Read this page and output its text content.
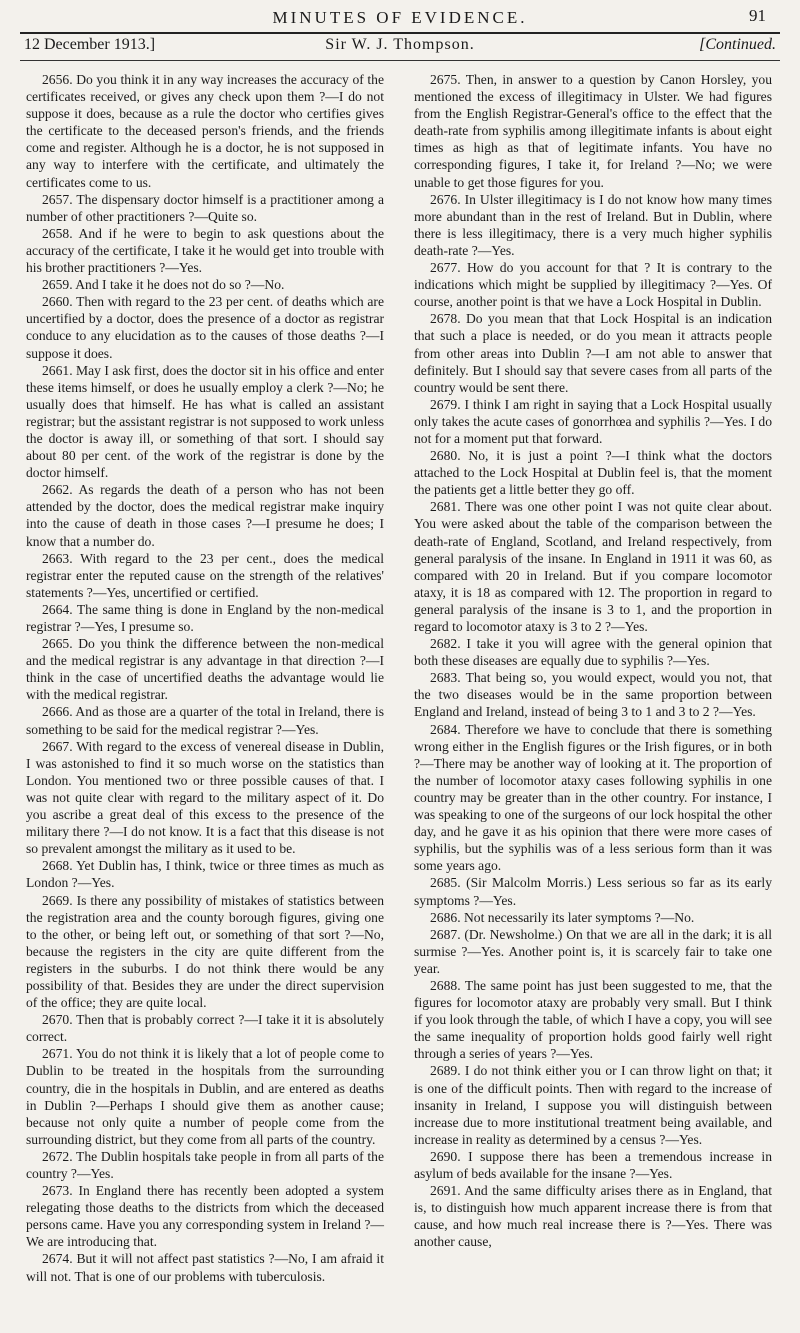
MINUTES OF EVIDENCE.	91
12 December 1913.]	Sir W. J. Thompson.	[Continued.

2656. Do you think it in any way increases the accuracy of the certificates received, or gives any check upon them ?—I do not suppose it does, because as a rule the doctor who certifies gives the certificate to the deceased person's friends, and the friends come and register. Although he is a doctor, he is not supposed in any way to interfere with the certificate, and ultimately the certificates come to us.

2657. The dispensary doctor himself is a practitioner among a number of other practitioners ?—Quite so.

2658. And if he were to begin to ask questions about the accuracy of the certificate, I take it he would get into trouble with his brother practitioners ?—Yes.

2659. And I take it he does not do so ?—No.

2660. Then with regard to the 23 per cent. of deaths which are uncertified by a doctor, does the presence of a doctor as registrar conduce to any elucidation as to the causes of those deaths ?—I suppose it does.

2661. May I ask first, does the doctor sit in his office and enter these items himself, or does he usually employ a clerk ?—No; he usually does that himself. He has what is called an assistant registrar; but the assistant registrar is not supposed to work unless the doctor is away ill, or something of that sort. I should say about 80 per cent. of the work of the registrar is done by the doctor himself.

2662. As regards the death of a person who has not been attended by the doctor, does the medical registrar make inquiry into the cause of death in those cases ?—I presume he does; I know that a number do.

2663. With regard to the 23 per cent., does the medical registrar enter the reputed cause on the strength of the relatives' statements ?—Yes, uncertified or certified.

2664. The same thing is done in England by the non-medical registrar ?—Yes, I presume so.

2665. Do you think the difference between the non-medical and the medical registrar is any advantage in that direction ?—I think in the case of uncertified deaths the advantage would lie with the medical registrar.

2666. And as those are a quarter of the total in Ireland, there is something to be said for the medical registrar ?—Yes.

2667. With regard to the excess of venereal disease in Dublin, I was astonished to find it so much worse on the statistics than London. You mentioned two or three possible causes of that. I was not quite clear with regard to the military aspect of it. Do you ascribe a great deal of this excess to the presence of the military there ?—I do not know. It is a fact that this disease is not so prevalent amongst the military as it used to be.

2668. Yet Dublin has, I think, twice or three times as much as London ?—Yes.

2669. Is there any possibility of mistakes of statistics between the registration area and the county borough figures, giving one to the other, or being left out, or something of that sort ?—No, because the registers in the city are quite different from the registers in the suburbs. I do not think there would be any possibility of that. Besides they are under the direct supervision of the office; they are quite local.

2670. Then that is probably correct ?—I take it it is absolutely correct.

2671. You do not think it is likely that a lot of people come to Dublin to be treated in the hospitals from the surrounding country, die in the hospitals in Dublin, and are entered as deaths in Dublin ?—Perhaps I should give them as another cause; because not only quite a number of people come from the surrounding district, but they come from all parts of the country.

2672. The Dublin hospitals take people in from all parts of the country ?—Yes.

2673. In England there has recently been adopted a system relegating those deaths to the districts from which the deceased persons came. Have you any corresponding system in Ireland ?—We are introducing that.

2674. But it will not affect past statistics ?—No, I am afraid it will not. That is one of our problems with tuberculosis.

2675. Then, in answer to a question by Canon Horsley, you mentioned the excess of illegitimacy in Ulster. We had figures from the English Registrar-General's office to the effect that the death-rate from syphilis among illegitimate infants is about eight times as high as that of legitimate infants. You have no corresponding figures, I take it, for Ireland ?—No; we were unable to get those figures for you.

2676. In Ulster illegitimacy is I do not know how many times more abundant than in the rest of Ireland. But in Dublin, where there is less illegitimacy, there is a very much higher syphilis death-rate ?—Yes.

2677. How do you account for that ? It is contrary to the indications which might be supplied by illegitimacy ?—Yes. Of course, another point is that we have a Lock Hospital in Dublin.

2678. Do you mean that that Lock Hospital is an indication that such a place is needed, or do you mean it attracts people from other areas into Dublin ?—I am not able to answer that definitely. But I should say that severe cases from all parts of the country would be sent there.

2679. I think I am right in saying that a Lock Hospital usually only takes the acute cases of gonorrhœa and syphilis ?—Yes. I do not for a moment put that forward.

2680. No, it is just a point ?—I think what the doctors attached to the Lock Hospital at Dublin feel is, that the moment the patients get a little better they go off.

2681. There was one other point I was not quite clear about. You were asked about the table of the comparison between the death-rate of England, Scotland, and Ireland respectively, from general paralysis of the insane. In England in 1911 it was 60, as compared with 20 in Ireland. But if you compare locomotor ataxy, it is 18 as compared with 12. The proportion in regard to general paralysis of the insane is 3 to 1, and the proportion in regard to locomotor ataxy is 3 to 2 ?—Yes.

2682. I take it you will agree with the general opinion that both these diseases are equally due to syphilis ?—Yes.

2683. That being so, you would expect, would you not, that the two diseases would be in the same proportion between England and Ireland, instead of being 3 to 1 and 3 to 2 ?—Yes.

2684. Therefore we have to conclude that there is something wrong either in the English figures or the Irish figures, or in both ?—There may be another way of looking at it. The proportion of the number of locomotor ataxy cases following syphilis in one country may be greater than in the other country. For instance, I was speaking to one of the surgeons of our lock hospital the other day, and he gave it as his opinion that there were more cases of syphilis, but the syphilis was of a less serious form than it was some years ago.

2685. (Sir Malcolm Morris.) Less serious so far as its early symptoms ?—Yes.

2686. Not necessarily its later symptoms ?—No.

2687. (Dr. Newsholme.) On that we are all in the dark; it is all surmise ?—Yes. Another point is, it is scarcely fair to take one year.

2688. The same point has just been suggested to me, that the figures for locomotor ataxy are probably very small. But I think if you look through the table, of which I have a copy, you will see the same inequality of proportion holds good fairly well right through a series of years ?—Yes.

2689. I do not think either you or I can throw light on that; it is one of the difficult points. Then with regard to the increase of insanity in Ireland, I suppose you will distinguish between increase due to more institutional treatment being available, and increase in reality as determined by a census ?—Yes.

2690. I suppose there has been a tremendous increase in asylum of beds available for the insane ?—Yes.

2691. And the same difficulty arises there as in England, that is, to distinguish how much apparent increase there is from that cause, and how much real increase there is ?—Yes. There was another cause,
